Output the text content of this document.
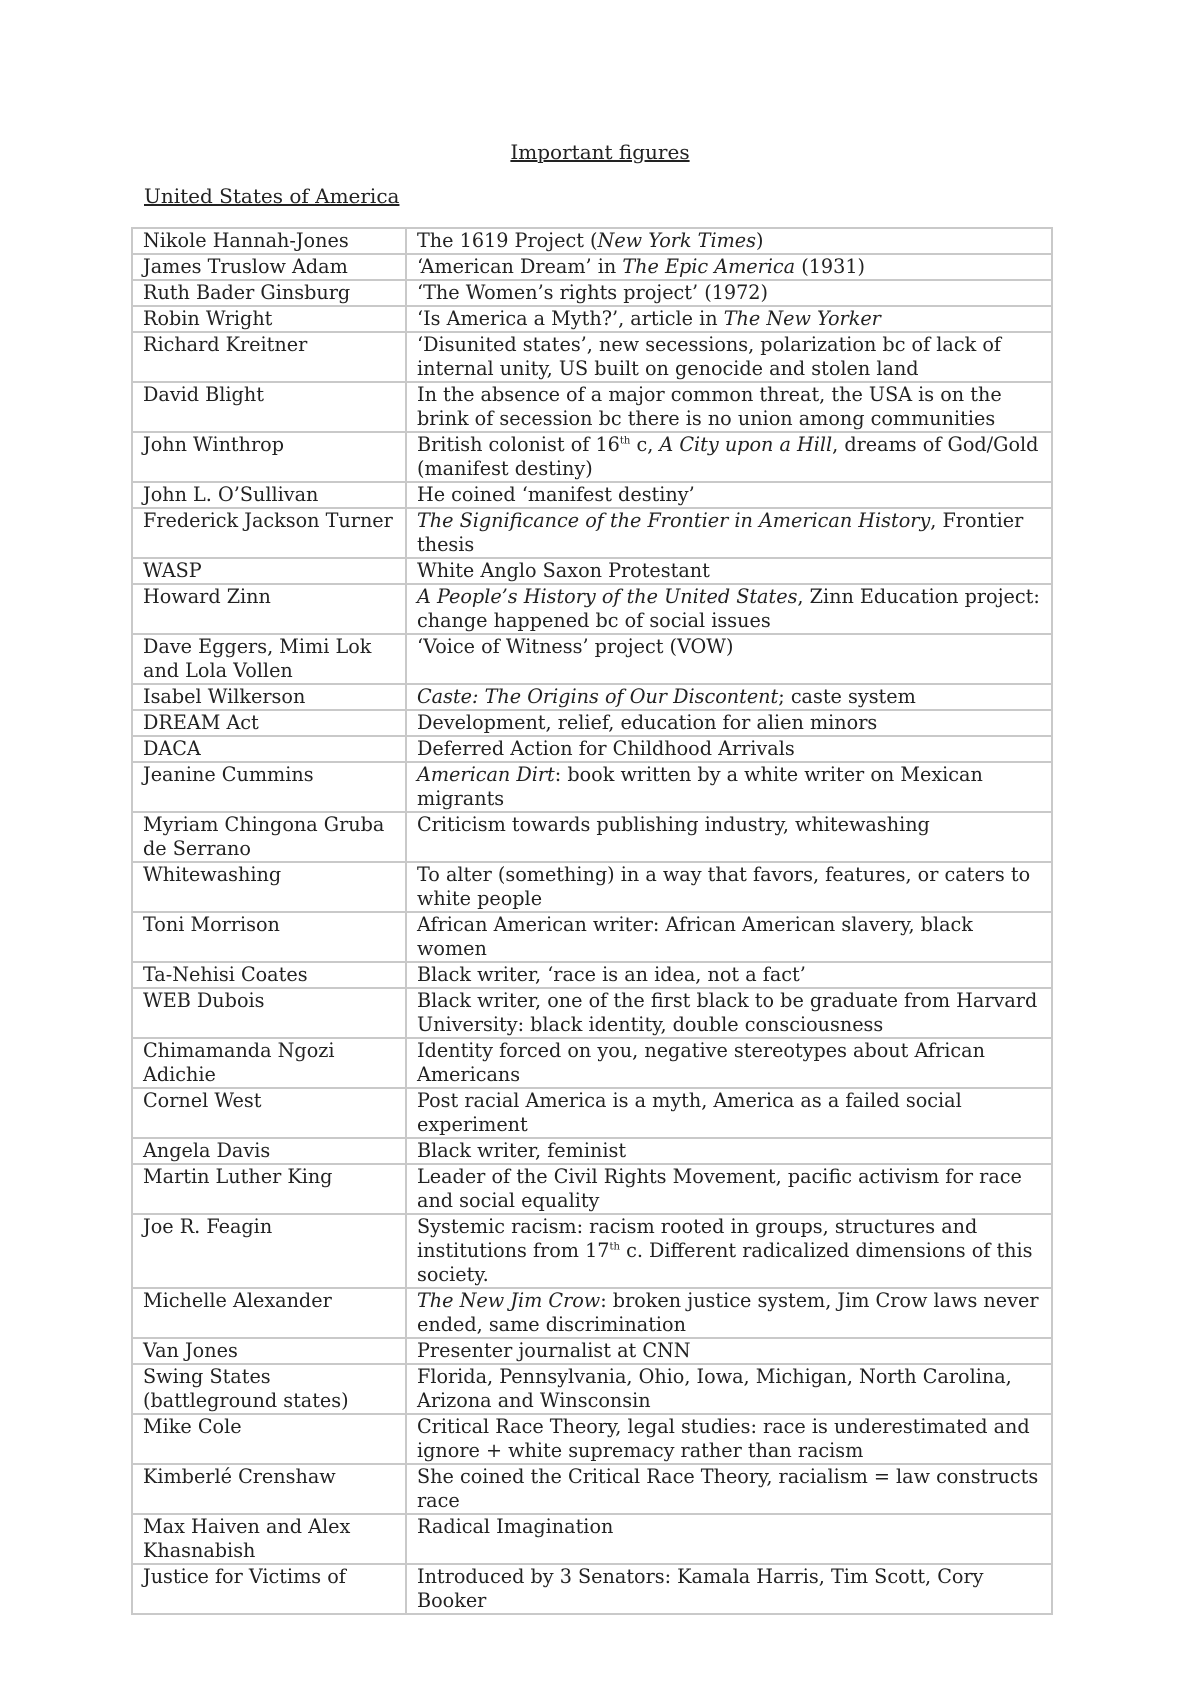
Important figures
United States of America
Nikole Hannah-Jones	The 1619 Project (New York Times)
James Truslow Adam	‘American Dream’ in The Epic America (1931)
Ruth Bader Ginsburg	‘The Women’s rights project’ (1972)
Robin Wright	‘Is America a Myth?’, article in The New Yorker
Richard Kreitner	‘Disunited states’, new secessions, polarization bc of lack of internal unity, US built on genocide and stolen land
David Blight	In the absence of a major common threat, the USA is on the brink of secession bc there is no union among communities
John Winthrop	British colonist of 16th c, A City upon a Hill, dreams of God/Gold (manifest destiny)
John L. O’Sullivan	He coined ‘manifest destiny’
Frederick Jackson Turner	The Significance of the Frontier in American History, Frontier thesis
WASP	White Anglo Saxon Protestant
Howard Zinn	A People’s History of the United States, Zinn Education project: change happened bc of social issues
Dave Eggers, Mimi Lok and Lola Vollen	‘Voice of Witness’ project (VOW)
Isabel Wilkerson	Caste: The Origins of Our Discontent; caste system
DREAM Act	Development, relief, education for alien minors
DACA	Deferred Action for Childhood Arrivals
Jeanine Cummins	American Dirt: book written by a white writer on Mexican migrants
Myriam Chingona Gruba de Serrano	Criticism towards publishing industry, whitewashing
Whitewashing	To alter (something) in a way that favors, features, or caters to white people
Toni Morrison	African American writer: African American slavery, black women
Ta-Nehisi Coates	Black writer, ‘race is an idea, not a fact’
WEB Dubois	Black writer, one of the first black to be graduate from Harvard University: black identity, double consciousness
Chimamanda Ngozi Adichie	Identity forced on you, negative stereotypes about African Americans
Cornel West	Post racial America is a myth, America as a failed social experiment
Angela Davis	Black writer, feminist
Martin Luther King	Leader of the Civil Rights Movement, pacific activism for race and social equality
Joe R. Feagin	Systemic racism: racism rooted in groups, structures and institutions from 17th c. Different radicalized dimensions of this society.
Michelle Alexander	The New Jim Crow: broken justice system, Jim Crow laws never ended, same discrimination
Van Jones	Presenter journalist at CNN
Swing States (battleground states)	Florida, Pennsylvania, Ohio, Iowa, Michigan, North Carolina, Arizona and Winsconsin
Mike Cole	Critical Race Theory, legal studies: race is underestimated and ignore + white supremacy rather than racism
Kimberlé Crenshaw	She coined the Critical Race Theory, racialism = law constructs race
Max Haiven and Alex Khasnabish	Radical Imagination
Justice for Victims of	Introduced by 3 Senators: Kamala Harris, Tim Scott, Cory Booker
